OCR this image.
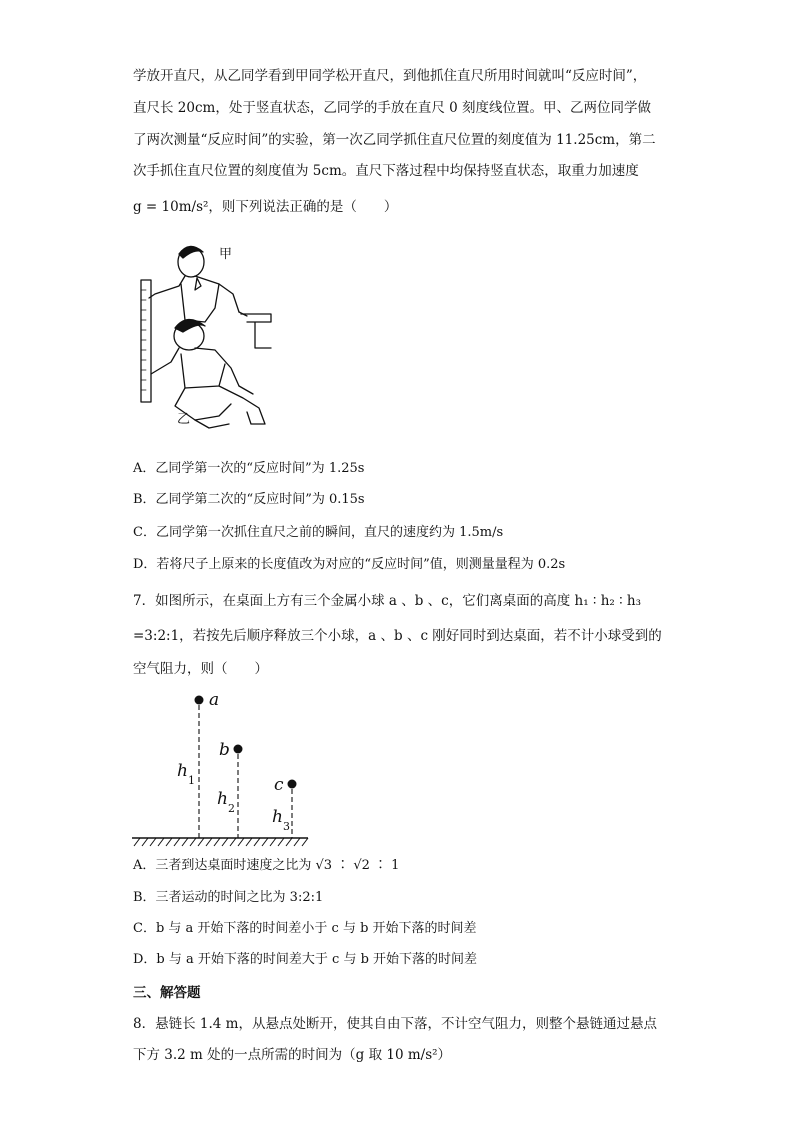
学放开直尺，从乙同学看到甲同学松开直尺，到他抓住直尺所用时间就叫“反应时间”，
直尺长 20cm，处于竖直状态，乙同学的手放在直尺 0 刻度线位置。甲、乙两位同学做
了两次测量“反应时间”的实验，第一次乙同学抓住直尺位置的刻度值为 11.25cm，第二
次手抓住直尺位置的刻度值为 5cm。直尺下落过程中均保持竖直状态，取重力加速度
g = 10m/s²，则下列说法正确的是（　　）
甲
乙
A．乙同学第一次的“反应时间”为 1.25s
B．乙同学第二次的“反应时间”为 0.15s
C．乙同学第一次抓住直尺之前的瞬间，直尺的速度约为 1.5m/s
D．若将尺子上原来的长度值改为对应的“反应时间”值，则测量量程为 0.2s
7．如图所示，在桌面上方有三个金属小球 a 、b 、c，它们离桌面的高度 h₁ ∶ h₂ ∶ h₃
=3:2:1，若按先后顺序释放三个小球，a 、b 、c 刚好同时到达桌面，若不计小球受到的
空气阻力，则（　　）
a
b
c
h
h
h
1
2
3
A．三者到达桌面时速度之比为 √3 ∶ √2 ∶ 1
B．三者运动的时间之比为 3:2:1
C．b 与 a 开始下落的时间差小于 c 与 b 开始下落的时间差
D．b 与 a 开始下落的时间差大于 c 与 b 开始下落的时间差
三、解答题
8．悬链长 1.4 m，从悬点处断开，使其自由下落，不计空气阻力，则整个悬链通过悬点
下方 3.2 m 处的一点所需的时间为（g 取 10 m/s²）
